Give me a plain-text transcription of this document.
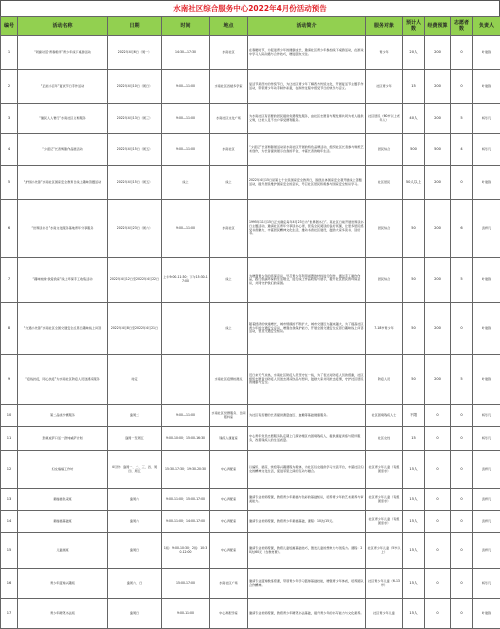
水南社区综合服务中心2022年4月份活动预告
编号	活动名称	日期	时间	地点	活动简介	服务对象	预计人数	经费预算	志愿者数	负责人
1	“同谢对话·青春相伴”青少年线下桌游活动	2022年4月6日（周一）	14:30—17:30	水南社区	在春暖时节，为促进青少年的健康成长，邀请社区青少年参加线下桌游活动，在游戏中学习人际沟通与合作技巧，增进朋友交往。	青少年	20人	200	0	叶建锋
2	“正能小百年”复试节日手作活动	2022年4月10日（周日）	9:00—11:00	水南社区四楼多学室	复活节是西方的传统节日，为让社区青少年了解西方传统文化，开展复活节主题手作活动，带领青少年动手制作彩蛋，在制作过程中感受节日的快乐与意义。	社区青少年	15	200	0	叶建锋
3	“邀民人人奢行”水南社区义剪服务	2022年4月13日（周三）	9:00—11:00	水南社区文化广场	为水南社区有需要的居民提供免费理发服务，由社区志愿者与理发师共同为老人提供义剪，让老人足不出户享受便利服务。	社区居民（60岁以上老年人）	40人	200	5	杨乐凡
4	“少诺记”长者剪影作品展活动	2022年4月15日（周五）	9:00—11:00	水南社区	“少诺记”长者剪影展活动是水南社区开展的特色品牌活动，组织社区长者参与剪纸艺术创作，为长者提供展示自我的平台，丰富长者的晚年生活。	居民综合	500	500	4	杨乐凡
5	“护国小先锋”水南社区国家安全教育日线上趣味答题活动	2022年4月15日（周五）	线上	线上	2022年4月15日是第七个全民国家安全教育日，围绕总体国家安全观开展线上答题活动，提升居民维护国家安全的意识，号召社区居民积极参与国家安全知识学习。	社区居民	50人以上	200	0	叶建锋
6	“世界读书日”水南文化服务基地青年分享服务	2022年4月23日（周六）	9:00—11:00	水南社区	1995年11月15日正式确定每年4月23日为“世界图书日”。某社区日前开展世界读书日主题活动，邀请社区青年分享读书心得，营造全民阅读的良好氛围，让更多居民感受书香魅力，丰富居民精神文化生活，推动书香社区建设，鼓励大家多读书、读好书。	居民综合	50	200	6	袁梓凡
7	“趣味地球·我爱我家”线上环保手工收集活动	2022年4月12日至2022年4月22日	上午9:00-11:30；下午15:30-17:00	线上	为增强青少年的环保意识，号召青少年利用闲置的材料进行创作，通过手工制作作品，践行低碳环保的生活理念，进行线上作品收集与展示，提升社区居民的环保意识，共同守护我们的家园。	居民综合	50	200	5	叶建锋
8	“交通小先锋”水南社区全国交通安全反思日趣味线上问答	2022年4月8日至2022年4月21日		线上	随着经济的快速增长，城市规模的不断扩大，城市交通压力越来越大，为了提高社区青少年的交通安全意识，增强自我保护能力，开展全国交通安全反思日趣味线上问答活动，普及交通安全知识。	7-18岁青少年	50	200	0	叶建锋
9	“疫线抗疫，同心抗疫”为水南社区防疫人员送清凉服务	待定		水南社区疫情检测点	近日来天气炎热，水南社区防疫人员坚守在一线，为了表达对防疫人员的感谢，社区组织志愿者为防疫人员送去清凉饮品与慰问，鼓励大家共同抗击疫情，守护社区居民的健康与安全。	防疫人员	50	200	5	叶建锋
10	第二品质沙赛服务	逢周二	9:00—11:00	水南社区党群服务、日间照料室	为社区有需要的长者提供测量血压、血糖等基础健康服务。	社区困境残疾人士	不限	0	0	杨乐凡
11	劲爽成萨口活一劲纯威萨计划	逢周一至周五	9:00-10:00；15:00-16:30	残疾人康复室	中心青年党员志愿服务队定期上门探访辖区内困境残疾人，提供康复训练与陪伴服务，改善残疾人的生活质量。	社区女性	15	0	0	杨乐凡
12	妇女端端工作坊	4月份：逢周一、二、三、四、周四、周五	15:30-17:30；19:30-20:30	中心再配室	以编织、插花、烘焙等兴趣课程为载体，为社区妇女提供学习交流平台，丰富社区妇女的精神文化生活，促进邻里之间的互动与融合。	社区青少年儿童（有组团需求）	15人	0	0	袁梓凡
13	素描描色采班	逢周六	9:00-11:00；15:00-17:00	中心再配室	邀请专业老师授课，教授青少年素描与色彩的基础知识，培养青少年的艺术素养与审美能力。	社区青少年儿童（有组团需求）	15人	0	0	袁梓凡
14	素描描基础班	逢周六	9:00-11:00；14:00-17:00	中心再配室	邀请专业老师授课，教授青少年素描基础，课程：10次/15元。	社区青少年儿童（有组团需求）	15人	0	0	袁梓凡
15	儿童画班	逢周日	1班：9:00-10:30；2班：10:30-12:00	中心再配室	邀请专业老师授课，教授儿童绘画基础技巧，激发儿童的想象力与创造力。课程：20次/60元（含教材费）。	社区青少年儿童（5岁以上）	15人	0	0	袁梓凡
16	青少年篮球兴趣班	逢周六、日	15:00-17:00	水南社区广场	邀请专业篮球教练授课，带领青少年学习篮球基础技能，增强青少年体质，培养团队合作精神。	社区青少年儿童（6-13岁）	15人	0	0	杨乐凡
17	青少年硬笔书法班	逢周日	9:00-11:00	中心再配学室	邀请专业老师授课，教授青少年硬笔书法基础，提升青少年的书写能力与文化素养。	社区青少年儿童	15人	0	0	叶建锋
